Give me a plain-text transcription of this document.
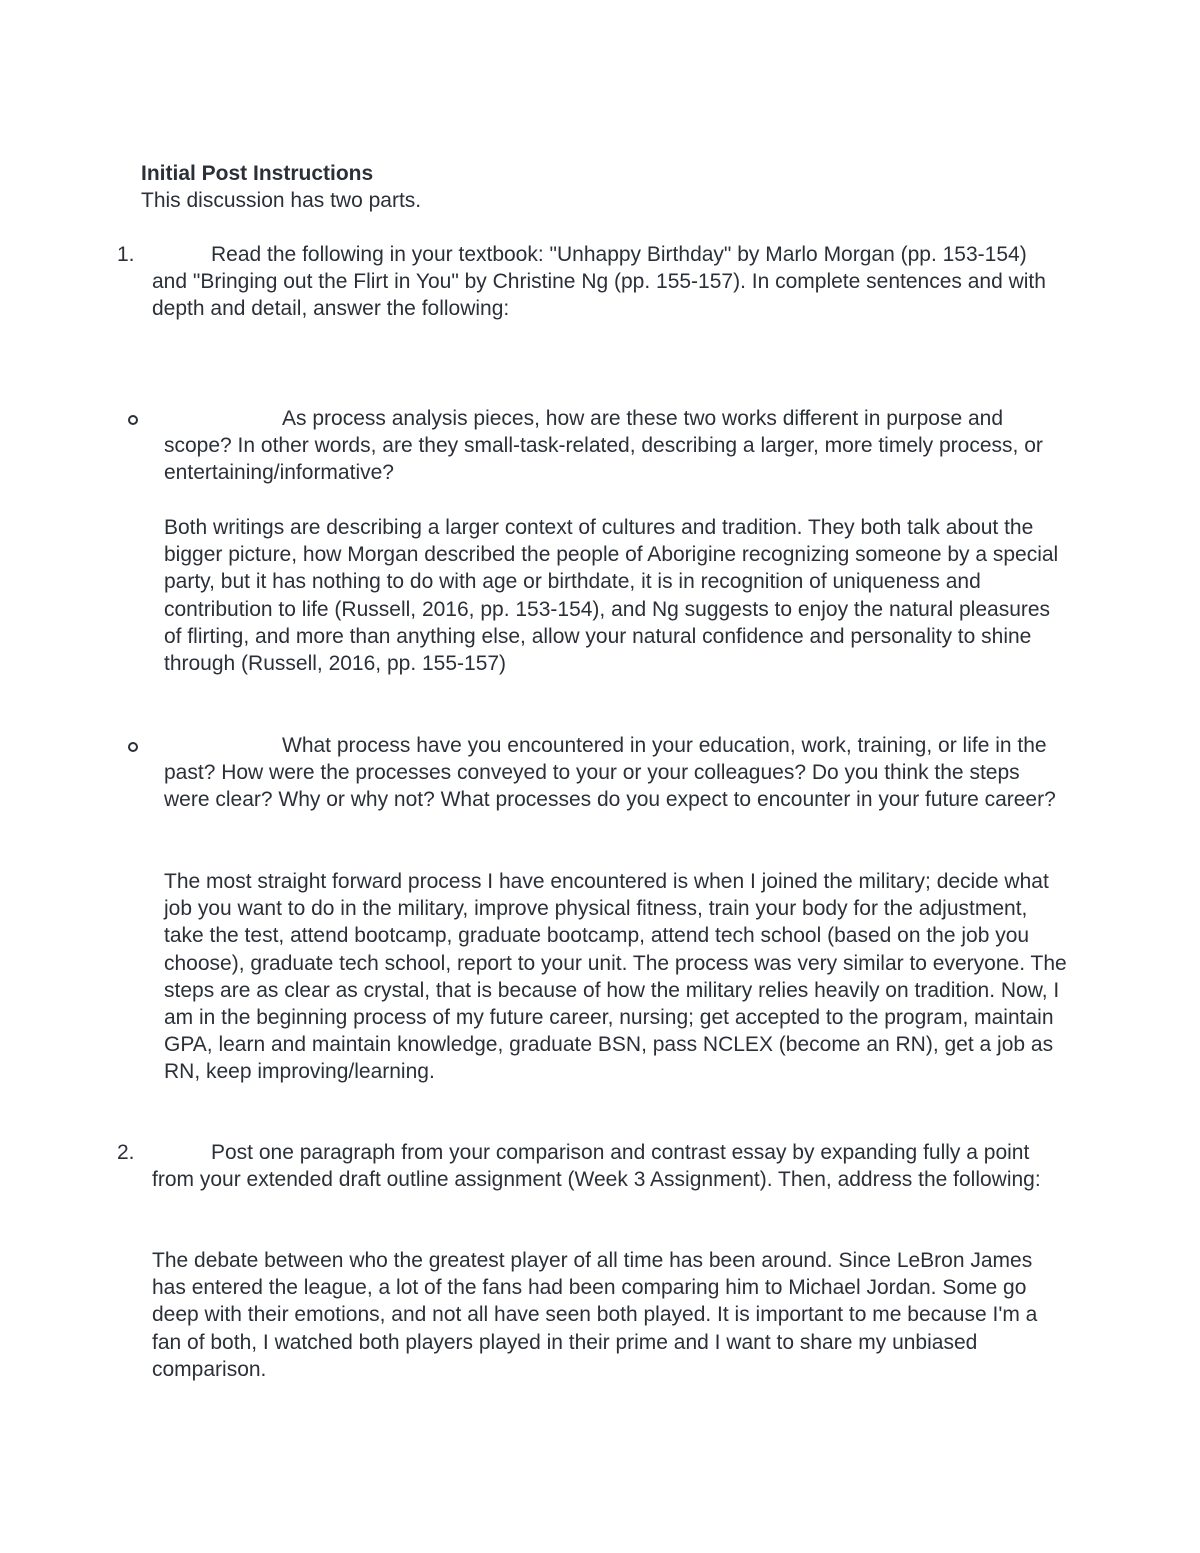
Initial Post Instructions
This discussion has two parts.
1.	Read the following in your textbook: "Unhappy Birthday" by Marlo Morgan (pp. 153-154) and "Bringing out the Flirt in You" by Christine Ng (pp. 155-157). In complete sentences and with depth and detail, answer the following:

As process analysis pieces, how are these two works different in purpose and scope? In other words, are they small-task-related, describing a larger, more timely process, or entertaining/informative?

Both writings are describing a larger context of cultures and tradition. They both talk about the bigger picture, how Morgan described the people of Aborigine recognizing someone by a special party, but it has nothing to do with age or birthdate, it is in recognition of uniqueness and contribution to life (Russell, 2016, pp. 153-154), and Ng suggests to enjoy the natural pleasures of flirting, and more than anything else, allow your natural confidence and personality to shine through (Russell, 2016, pp. 155-157)

What process have you encountered in your education, work, training, or life in the past? How were the processes conveyed to your or your colleagues? Do you think the steps were clear? Why or why not? What processes do you expect to encounter in your future career?

The most straight forward process I have encountered is when I joined the military; decide what job you want to do in the military, improve physical fitness, train your body for the adjustment, take the test, attend bootcamp, graduate bootcamp, attend tech school (based on the job you choose), graduate tech school, report to your unit. The process was very similar to everyone. The steps are as clear as crystal, that is because of how the military relies heavily on tradition. Now, I am in the beginning process of my future career, nursing; get accepted to the program, maintain GPA, learn and maintain knowledge, graduate BSN, pass NCLEX (become an RN), get a job as RN, keep improving/learning.

2.	Post one paragraph from your comparison and contrast essay by expanding fully a point from your extended draft outline assignment (Week 3 Assignment). Then, address the following:

The debate between who the greatest player of all time has been around. Since LeBron James has entered the league, a lot of the fans had been comparing him to Michael Jordan. Some go deep with their emotions, and not all have seen both played. It is important to me because I'm a fan of both, I watched both players played in their prime and I want to share my unbiased comparison.
